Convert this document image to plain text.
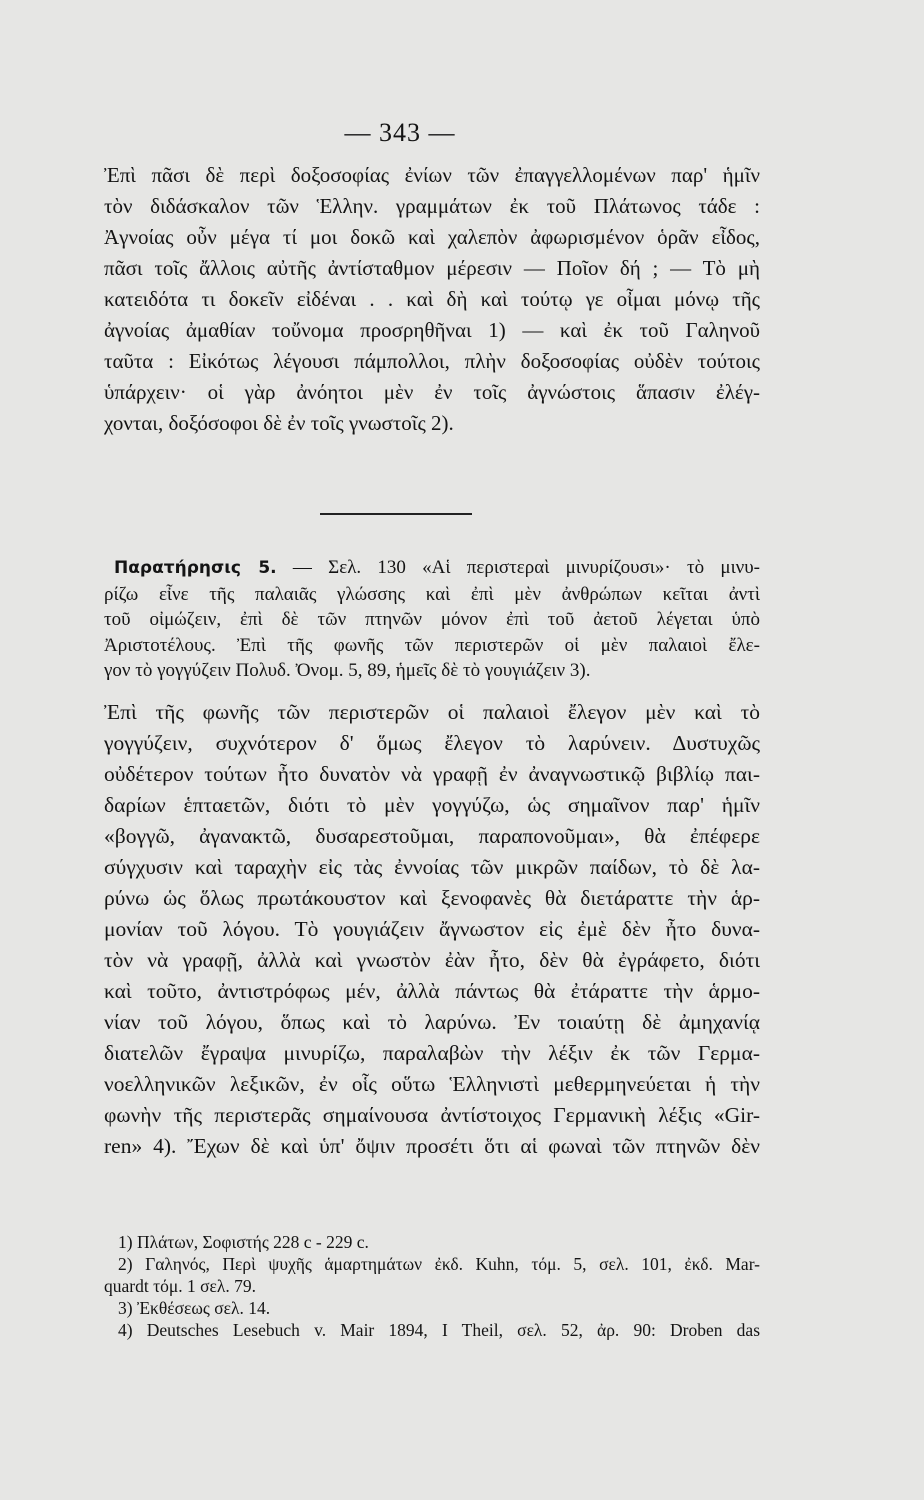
— 343 —
Ἐπὶ πᾶσι δὲ περὶ δοξοσοφίας ἐνίων τῶν ἐπαγγελλομένων παρ' ἡμῖν
τὸν διδάσκαλον τῶν Ἑλλην. γραμμάτων ἐκ τοῦ Πλάτωνος τάδε :
Ἀγνοίας οὖν μέγα τί μοι δοκῶ καὶ χαλεπὸν ἀφωρισμένον ὁρᾶν εἶδος,
πᾶσι τοῖς ἄλλοις αὐτῆς ἀντίσταθμον μέρεσιν — Ποῖον δή ; — Τὸ μὴ
κατειδότα τι δοκεῖν εἰδέναι . . καὶ δὴ καὶ τούτῳ γε οἶμαι μόνῳ τῆς
ἀγνοίας ἀμαθίαν τοὔνομα προσρηθῆναι 1) — καὶ ἐκ τοῦ Γαληνοῦ
ταῦτα : Εἰκότως λέγουσι πάμπολλοι, πλὴν δοξοσοφίας οὐδὲν τούτοις
ὑπάρχειν· οἱ γὰρ ἀνόητοι μὲν ἐν τοῖς ἀγνώστοις ἅπασιν ἐλέγ-
χονται, δοξόσοφοι δὲ ἐν τοῖς γνωστοῖς 2).
Παρατήρησις 5. — Σελ. 130 «Αἱ περιστεραὶ μινυρίζουσι»· τὸ μινυ-
ρίζω εἶνε τῆς παλαιᾶς γλώσσης καὶ ἐπὶ μὲν ἀνθρώπων κεῖται ἀντὶ
τοῦ οἰμώζειν, ἐπὶ δὲ τῶν πτηνῶν μόνον ἐπὶ τοῦ ἀετοῦ λέγεται ὑπὸ
Ἀριστοτέλους. Ἐπὶ τῆς φωνῆς τῶν περιστερῶν οἱ μὲν παλαιοὶ ἔλε-
γον τὸ γογγύζειν Πολυδ. Ὀνομ. 5, 89, ἡμεῖς δὲ τὸ γουγιάζειν 3).
Ἐπὶ τῆς φωνῆς τῶν περιστερῶν οἱ παλαιοὶ ἔλεγον μὲν καὶ τὸ
γογγύζειν, συχνότερον δ' ὅμως ἔλεγον τὸ λαρύνειν. Δυστυχῶς
οὐδέτερον τούτων ἦτο δυνατὸν νὰ γραφῇ ἐν ἀναγνωστικῷ βιβλίῳ παι-
δαρίων ἑπταετῶν, διότι τὸ μὲν γογγύζω, ὡς σημαῖνον παρ' ἡμῖν
«βογγῶ, ἀγανακτῶ, δυσαρεστοῦμαι, παραπονοῦμαι», θὰ ἐπέφερε
σύγχυσιν καὶ ταραχὴν εἰς τὰς ἐννοίας τῶν μικρῶν παίδων, τὸ δὲ λα-
ρύνω ὡς ὅλως πρωτάκουστον καὶ ξενοφανὲς θὰ διετάραττε τὴν ἁρ-
μονίαν τοῦ λόγου. Τὸ γουγιάζειν ἄγνωστον εἰς ἐμὲ δὲν ἦτο δυνα-
τὸν νὰ γραφῇ, ἀλλὰ καὶ γνωστὸν ἐὰν ἦτο, δὲν θὰ ἐγράφετο, διότι
καὶ τοῦτο, ἀντιστρόφως μέν, ἀλλὰ πάντως θὰ ἐτάραττε τὴν ἁρμο-
νίαν τοῦ λόγου, ὅπως καὶ τὸ λαρύνω. Ἐν τοιαύτῃ δὲ ἀμηχανίᾳ
διατελῶν ἔγραψα μινυρίζω, παραλαβὼν τὴν λέξιν ἐκ τῶν Γερμα-
νοελληνικῶν λεξικῶν, ἐν οἷς οὕτω Ἑλληνιστὶ μεθερμηνεύεται ἡ τὴν
φωνὴν τῆς περιστερᾶς σημαίνουσα ἀντίστοιχος Γερμανικὴ λέξις «Gir-
ren» 4). Ἔχων δὲ καὶ ὑπ' ὄψιν προσέτι ὅτι αἱ φωναὶ τῶν πτηνῶν δὲν
1) Πλάτων, Σοφιστής 228 c - 229 c.
2) Γαληνός, Περὶ ψυχῆς ἁμαρτημάτων ἐκδ. Kuhn, τόμ. 5, σελ. 101, ἐκδ. Mar-
quardt τόμ. 1 σελ. 79.
3) Ἐκθέσεως σελ. 14.
4) Deutsches Lesebuch v. Mair 1894, I Theil, σελ. 52, ἀρ. 90: Droben das
